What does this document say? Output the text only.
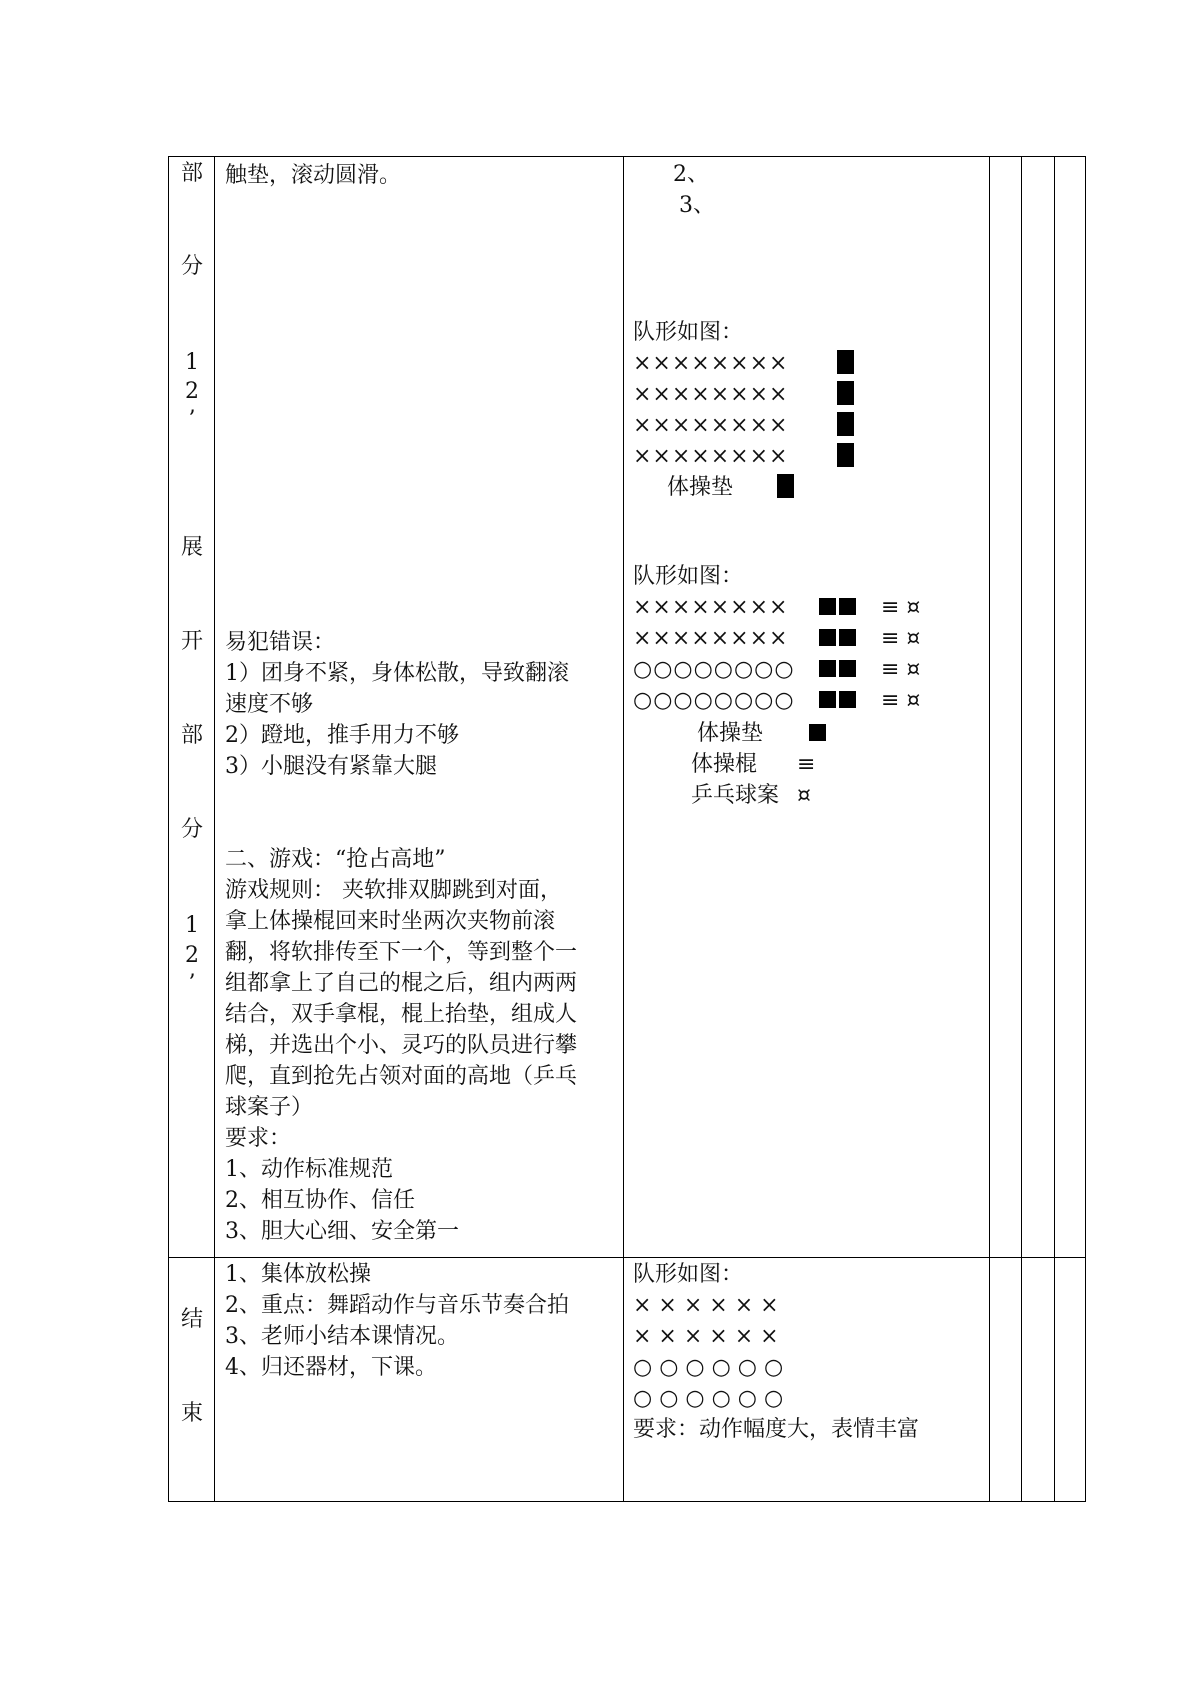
部
分
1
2
’
展
开
部
分
1
2
’
触垫，滚动圆滑。
易犯错误：
1）团身不紧，身体松散，导致翻滚
速度不够
2）蹬地，推手用力不够
3）小腿没有紧靠大腿
二、游戏：“抢占高地”
游戏规则： 夹软排双脚跳到对面，
拿上体操棍回来时坐两次夹物前滚
翻，将软排传至下一个，等到整个一
组都拿上了自己的棍之后，组内两两
结合，双手拿棍，棍上抬垫，组成人
梯，并选出个小、灵巧的队员进行攀
爬，直到抢先占领对面的高地（乒乓
球案子）
要求：
1、动作标准规范
2、相互协作、信任
3、胆大心细、安全第一
2、
3、
队形如图：
××××××××
××××××××
××××××××
××××××××
体操垫
队形如图：
××××××××
××××××××
○○○○○○○○
○○○○○○○○
≡ ¤
≡ ¤
≡ ¤
≡ ¤
体操垫
体操棍 ≡
乒乓球案 ¤
结
束
1、集体放松操
2、重点：舞蹈动作与音乐节奏合拍
3、老师小结本课情况。
4、归还器材，下课。
队形如图：
× × × × × ×
× × × × × ×
○ ○ ○ ○ ○ ○
○ ○ ○ ○ ○ ○
要求：动作幅度大，表情丰富
